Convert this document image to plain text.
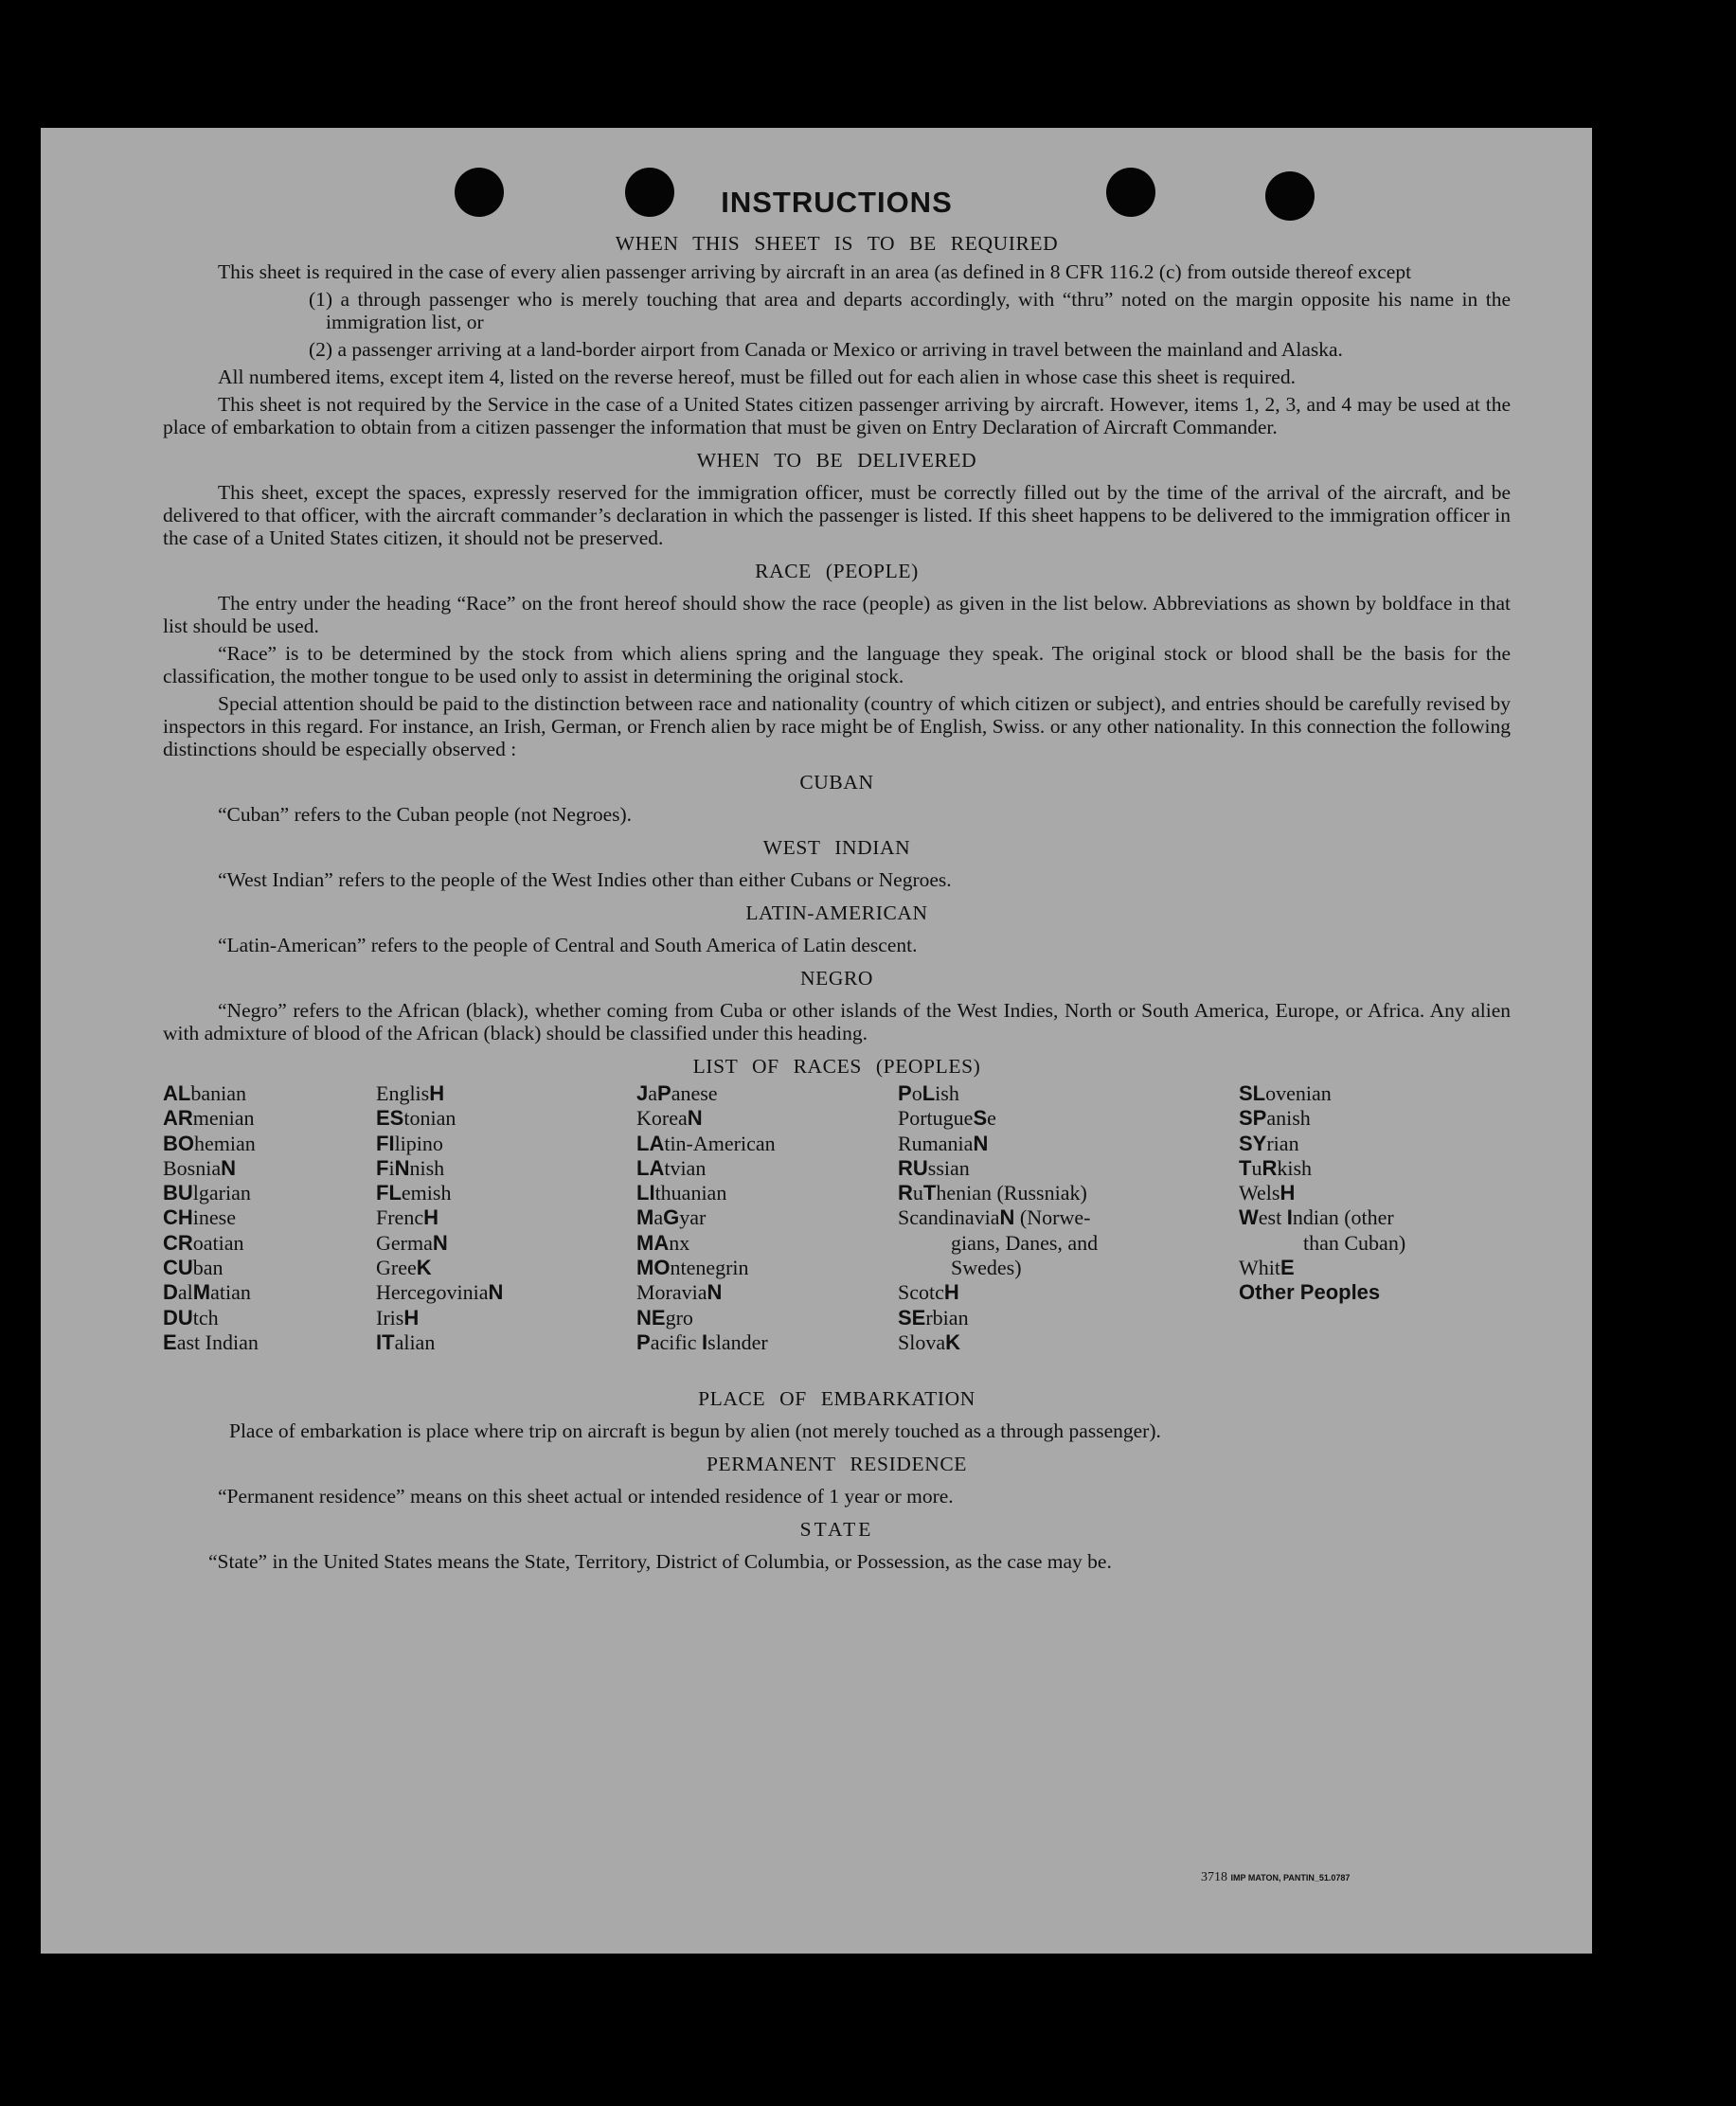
INSTRUCTIONS
WHEN THIS SHEET IS TO BE REQUIRED

This sheet is required in the case of every alien passenger arriving by aircraft in an area (as defined in 8 CFR 116.2 (c) from outside thereof except

(1) a through passenger who is merely touching that area and departs accordingly, with “thru” noted on the margin opposite his name in the immigration list, or
(2) a passenger arriving at a land-border airport from Canada or Mexico or arriving in travel between the mainland and Alaska.

All numbered items, except item 4, listed on the reverse hereof, must be filled out for each alien in whose case this sheet is required.

This sheet is not required by the Service in the case of a United States citizen passenger arriving by aircraft. However, items 1, 2, 3, and 4 may be used at the place of embarkation to obtain from a citizen passenger the information that must be given on Entry Declaration of Aircraft Commander.

WHEN TO BE DELIVERED

This sheet, except the spaces, expressly reserved for the immigration officer, must be correctly filled out by the time of the arrival of the aircraft, and be delivered to that officer, with the aircraft commander’s declaration in which the passenger is listed. If this sheet happens to be delivered to the immigration officer in the case of a United States citizen, it should not be preserved.

RACE (PEOPLE)

The entry under the heading “Race” on the front hereof should show the race (people) as given in the list below. Abbreviations as shown by boldface in that list should be used.

“Race” is to be determined by the stock from which aliens spring and the language they speak. The original stock or blood shall be the basis for the classification, the mother tongue to be used only to assist in determining the original stock.

Special attention should be paid to the distinction between race and nationality (country of which citizen or subject), and entries should be carefully revised by inspectors in this regard. For instance, an Irish, German, or French alien by race might be of English, Swiss. or any other nationality. In this connection the following distinctions should be especially observed :

CUBAN

“Cuban” refers to the Cuban people (not Negroes).

WEST INDIAN

“West Indian” refers to the people of the West Indies other than either Cubans or Negroes.

LATIN-AMERICAN

“Latin-American” refers to the people of Central and South America of Latin descent.

NEGRO

“Negro” refers to the African (black), whether coming from Cuba or other islands of the West Indies, North or South America, Europe, or Africa. Any alien with admixture of blood of the African (black) should be classified under this heading.

LIST OF RACES (PEOPLES)
ALbanian
ARmenian
BOhemian
BosniaN
BUlgarian
CHinese
CRoatian
CUban
DalMatian
DUtch
East Indian
EnglisH
EStonian
FIlipino
FiNnish
FLemish
FrencH
GermaN
GreeK
HercegoviniaN
IrisH
ITalian
JaPanese
KoreaN
LAtin-American
LAtvian
LIthuanian
MaGyar
MAnx
MOntenegrin
MoraviaN
NEgro
Pacific Islander
PoLish
PortugueSe
RumaniaN
RUssian
RuThenian (Russniak)
ScandinaviaN (Norwe-
gians, Danes, and
Swedes)
ScotcH
SErbian
SlovaK
SLovenian
SPanish
SYrian
TuRkish
WelsH
West Indian (other
than Cuban)
WhitE
Other Peoples
PLACE OF EMBARKATION

Place of embarkation is place where trip on aircraft is begun by alien (not merely touched as a through passenger).

PERMANENT RESIDENCE

“Permanent residence” means on this sheet actual or intended residence of 1 year or more.

STATE

“State” in the United States means the State, Territory, District of Columbia, or Possession, as the case may be.

3718 IMP MATON, PANTIN_51.0787
